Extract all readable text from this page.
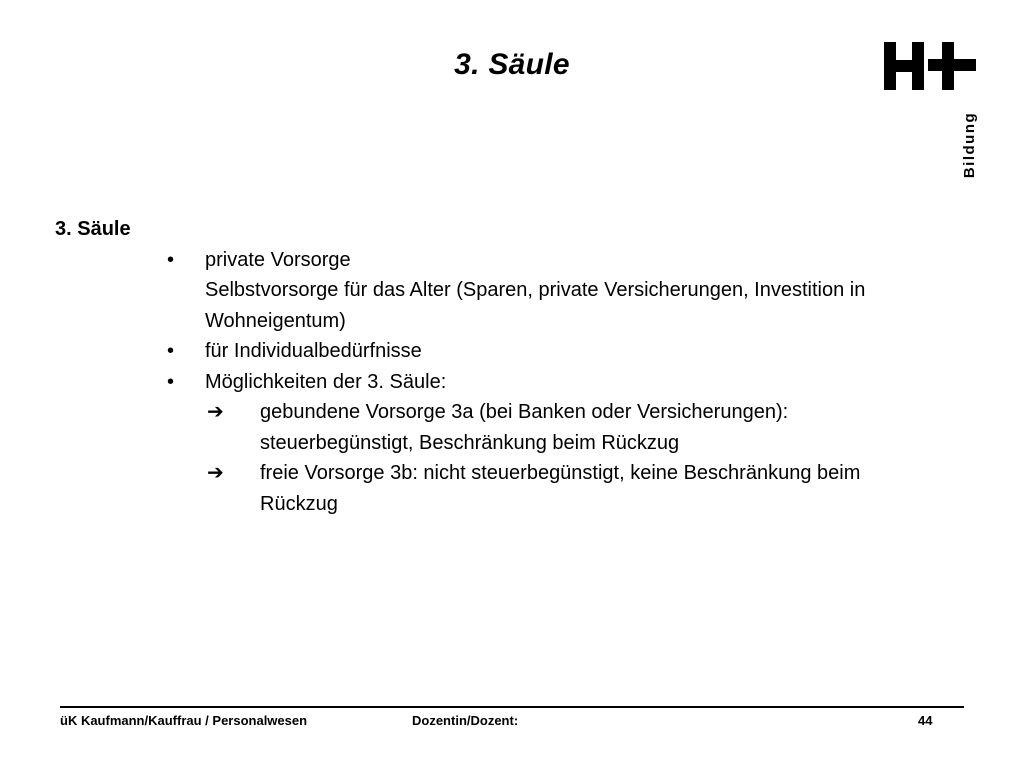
3. Säule
Bildung
3. Säule
• private Vorsorge
Selbstvorsorge für das Alter (Sparen, private Versicherungen, Investition in
Wohneigentum)
• für Individualbedürfnisse
• Möglichkeiten der 3. Säule:
➔ gebundene Vorsorge 3a (bei Banken oder Versicherungen):
steuerbegünstigt, Beschränkung beim Rückzug
➔ freie Vorsorge 3b: nicht steuerbegünstigt, keine Beschränkung beim
Rückzug
üK Kaufmann/Kauffrau / Personalwesen	Dozentin/Dozent:	44
